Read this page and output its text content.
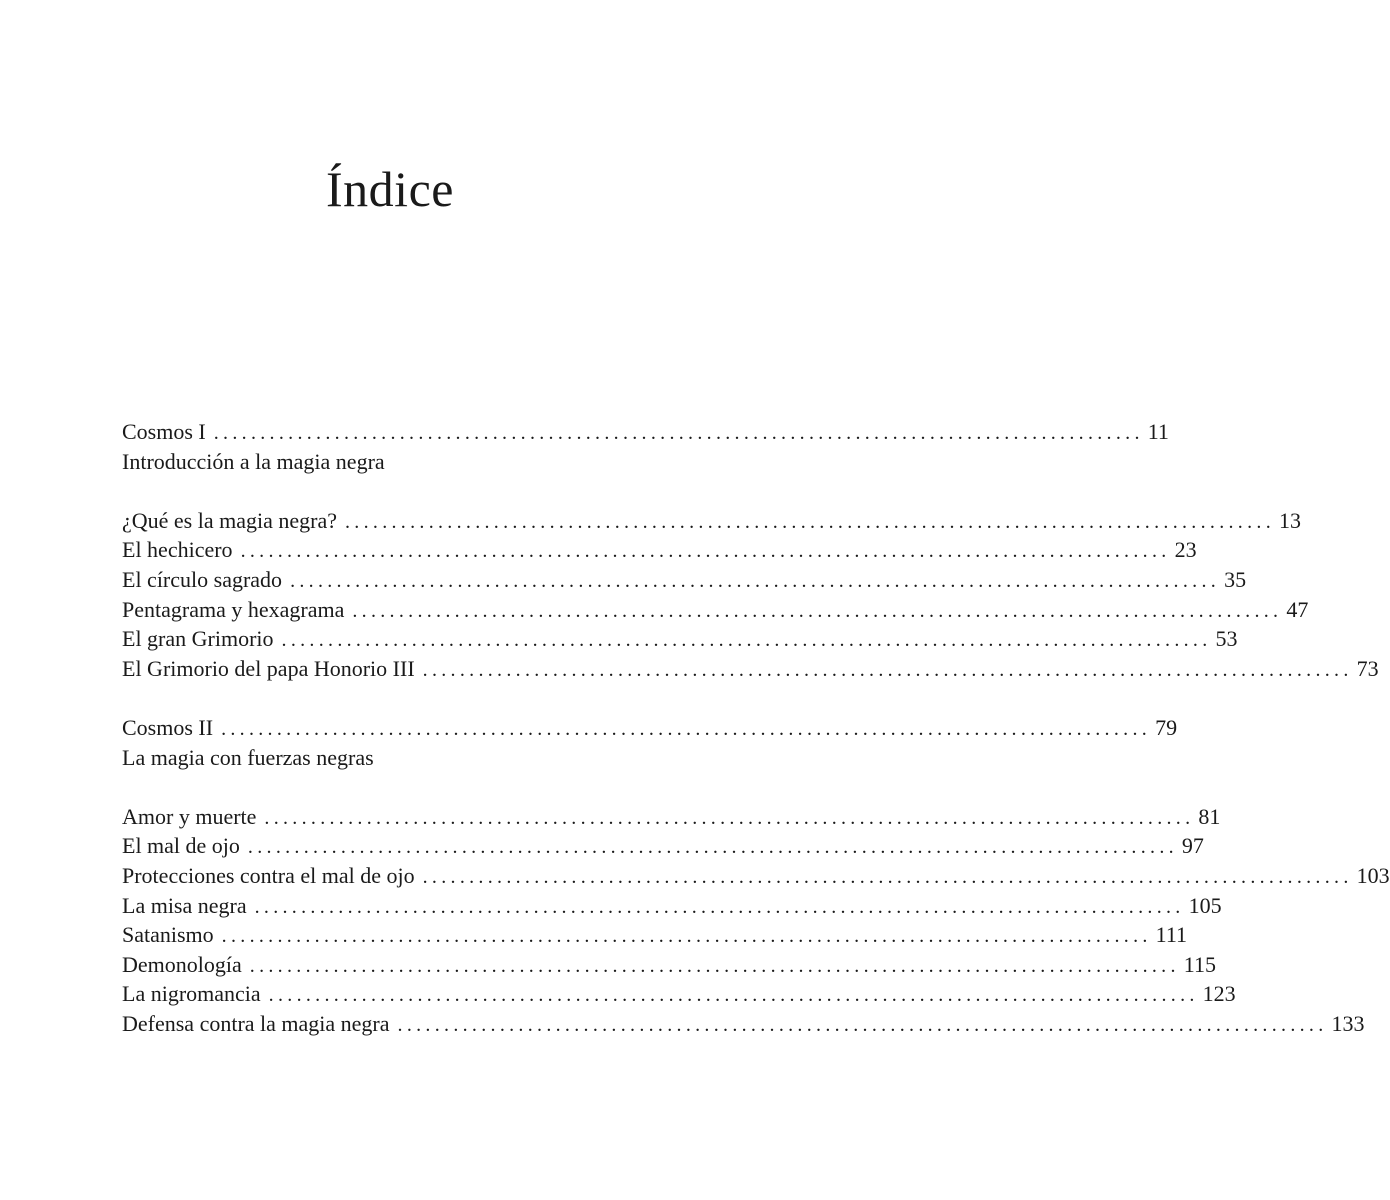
Índice
Cosmos I .................................................................................................... 11
Introducción a la magia negra
¿Qué es la magia negra? .................................................................................................... 13
El hechicero .................................................................................................... 23
El círculo sagrado .................................................................................................... 35
Pentagrama y hexagrama .................................................................................................... 47
El gran Grimorio .................................................................................................... 53
El Grimorio del papa Honorio III .................................................................................................... 73
Cosmos II .................................................................................................... 79
La magia con fuerzas negras
Amor y muerte .................................................................................................... 81
El mal de ojo .................................................................................................... 97
Protecciones contra el mal de ojo .................................................................................................... 103
La misa negra .................................................................................................... 105
Satanismo .................................................................................................... 111
Demonología .................................................................................................... 115
La nigromancia .................................................................................................... 123
Defensa contra la magia negra .................................................................................................... 133
